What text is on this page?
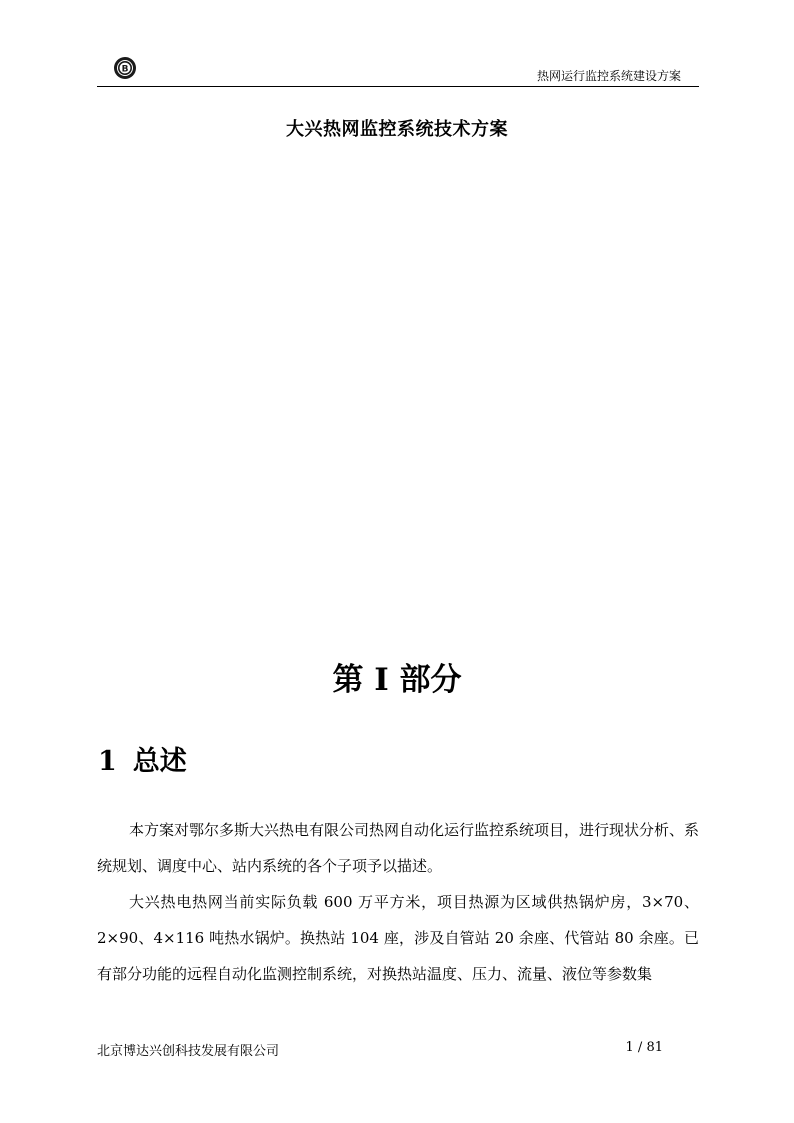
B	热网运行监控系统建设方案
大兴热网监控系统技术方案
第 I 部分
1 总述

本方案对鄂尔多斯大兴热电有限公司热网自动化运行监控系统项目，进行现状分析、系统规划、调度中心、站内系统的各个子项予以描述。

大兴热电热网当前实际负载 600 万平方米，项目热源为区域供热锅炉房，3×70、2×90、4×116 吨热水锅炉。换热站 104 座，涉及自管站 20 余座、代管站 80 余座。已有部分功能的远程自动化监测控制系统，对换热站温度、压力、流量、液位等参数集

北京博达兴创科技发展有限公司	1 / 81
